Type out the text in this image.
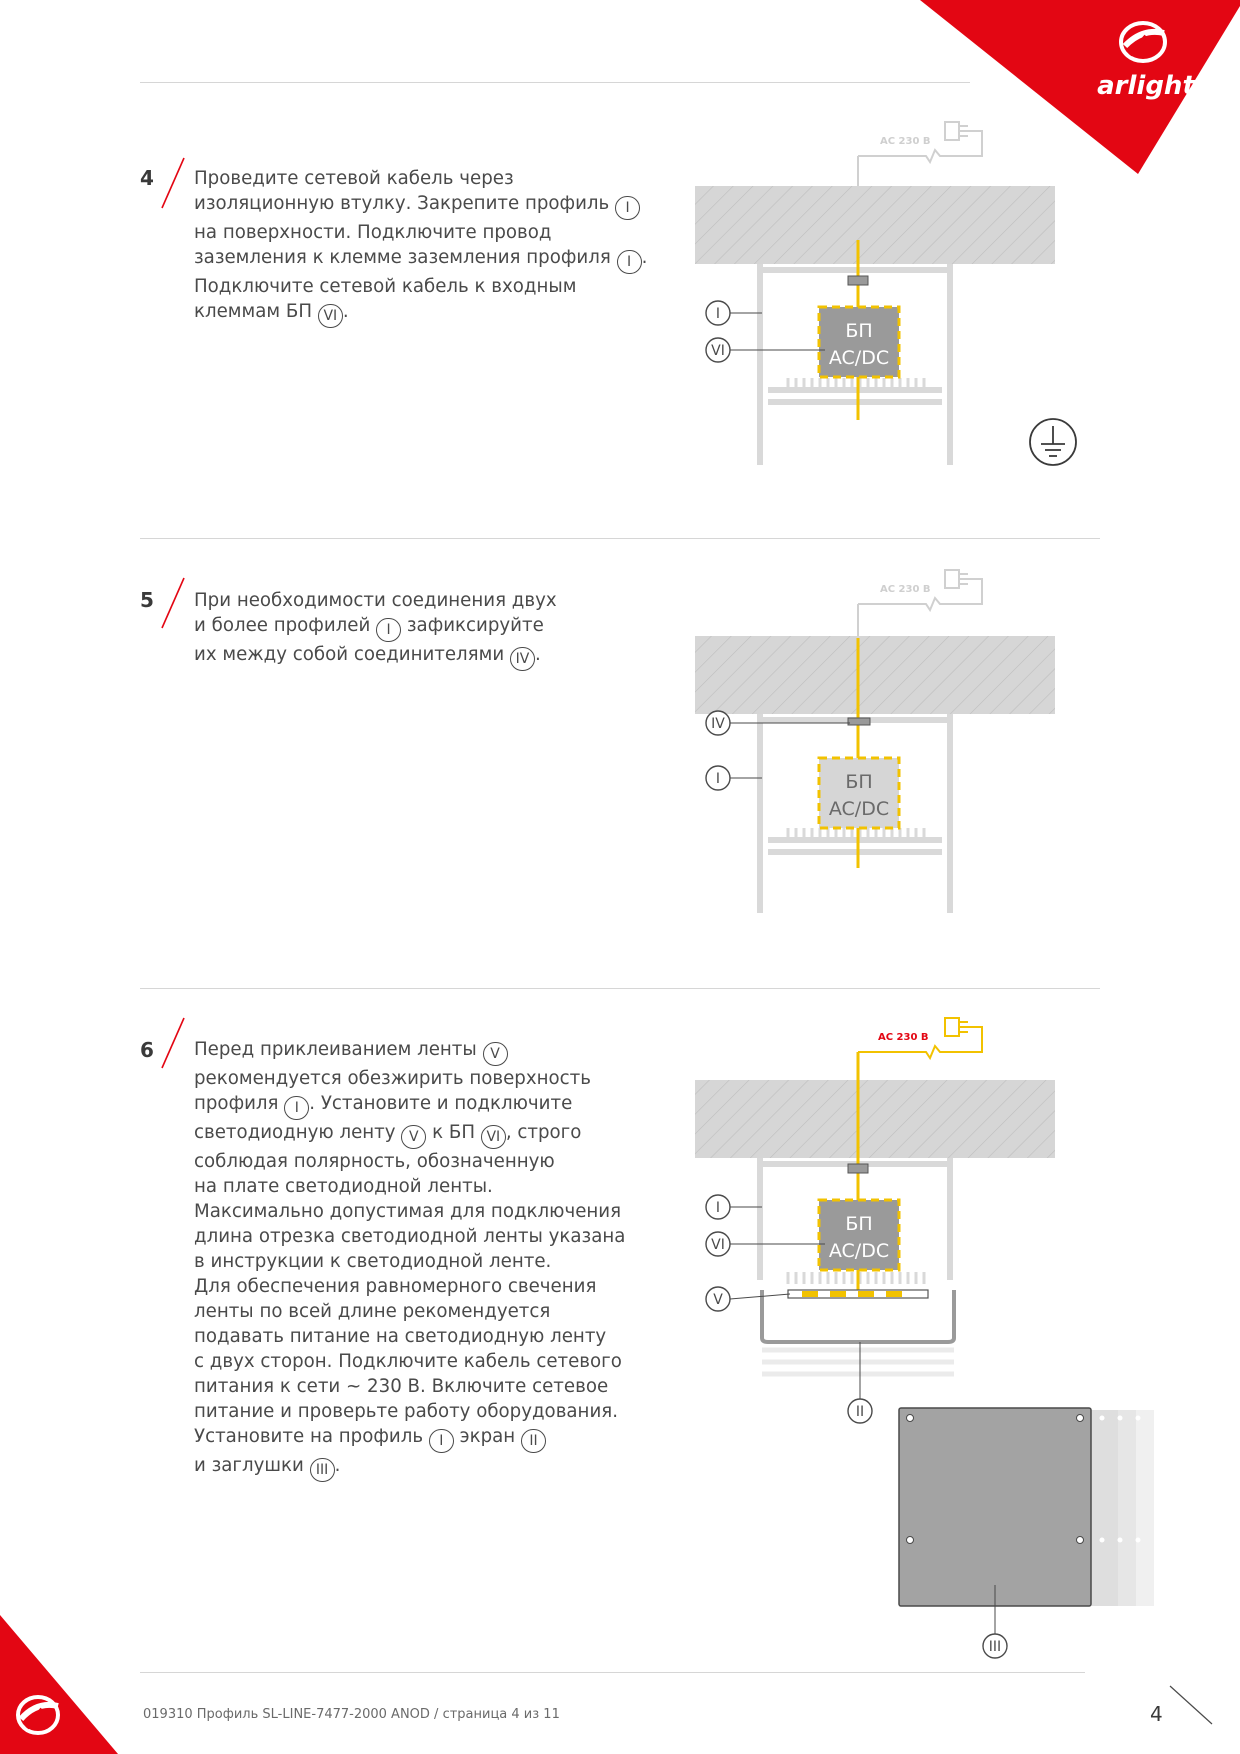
arlight ®
4 Проведите сетевой кабель через

изоляционную втулку. Закрепите профиль I

на поверхности. Подключите провод

заземления к клемме заземления профиля I .

Подключите сетевой кабель к входным

клеммам БП VI .

AC 230 B
БП
AC/DC
I
VI
5 При необходимости соединения двух

и более профилей I зафиксируйте

их между собой соединителями IV .

AC 230 B
БП
AC/DC
IV
I
6 Перед приклеиванием ленты V

рекомендуется обезжирить поверхность

профиля I . Установите и подключите

светодиодную ленту V к БП VI , строго

соблюдая полярность, обозначенную

на плате светодиодной ленты.

Максимально допустимая для подключения

длина отрезка светодиодной ленты указана

в инструкции к светодиодной ленте.

Для обеспечения равномерного свечения

ленты по всей длине рекомендуется

подавать питание на светодиодную ленту

с двух сторон. Подключите кабель сетевого

питания к сети ~ 230 В. Включите сетевое

питание и проверьте работу оборудования.

Установите на профиль I экран II

и заглушки III .

AC 230 B
БП
AC/DC
I
VI
V
II
III
019310 Профиль SL-LINE-7477-2000 ANOD / страница 4 из 11	4
